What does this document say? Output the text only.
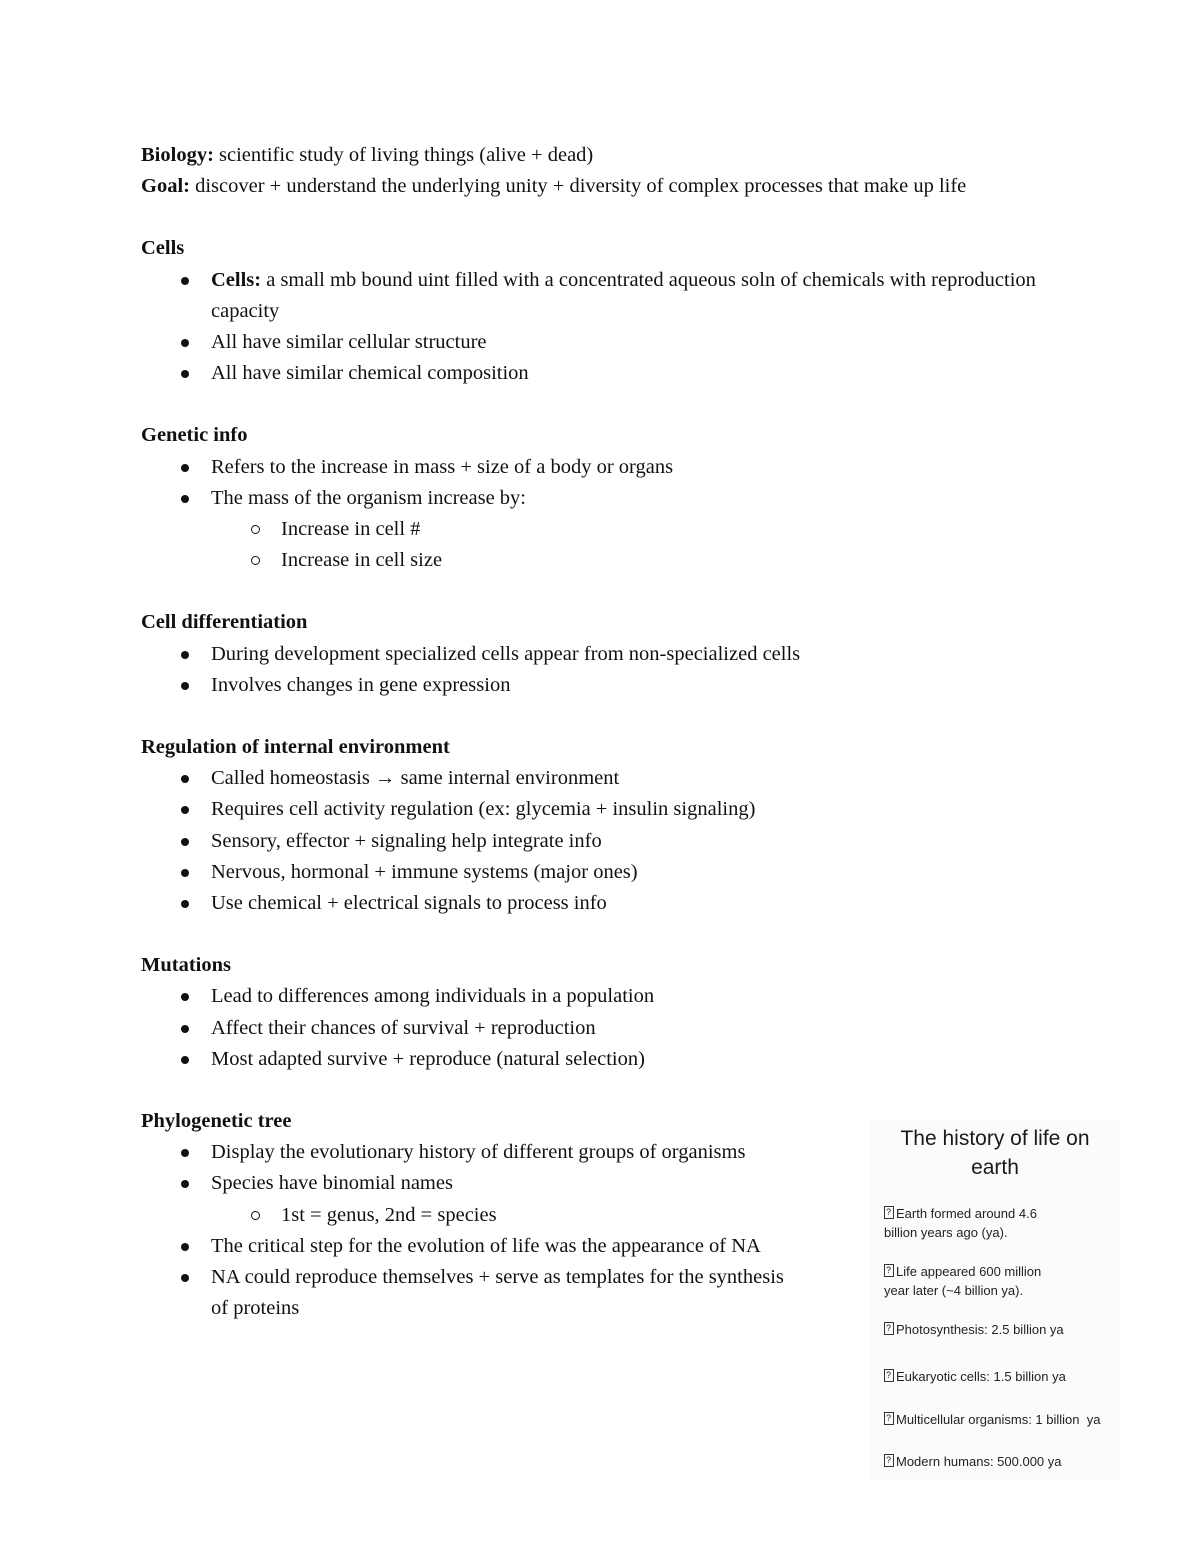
Biology: scientific study of living things (alive + dead)

Goal: discover + understand the underlying unity + diversity of complex processes that make up life

Cells

Cells: a small mb bound uint filled with a concentrated aqueous soln of chemicals with reproduction capacity
All have similar cellular structure
All have similar chemical composition

Genetic info

Refers to the increase in mass + size of a body or organs
The mass of the organism increase by:
Increase in cell #
Increase in cell size

Cell differentiation

During development specialized cells appear from non-specialized cells
Involves changes in gene expression

Regulation of internal environment

Called homeostasis → same internal environment
Requires cell activity regulation (ex: glycemia + insulin signaling)
Sensory, effector + signaling help integrate info
Nervous, hormonal + immune systems (major ones)
Use chemical + electrical signals to process info

Mutations

Lead to differences among individuals in a population
Affect their chances of survival + reproduction
Most adapted survive + reproduce (natural selection)

Phylogenetic tree

Display the evolutionary history of different groups of organisms
Species have binomial names
1st = genus, 2nd = species
The critical step for the evolution of life was the appearance of NA
NA could reproduce themselves + serve as templates for the synthesis of proteins

The history of life on earth

?Earth formed around 4.6 billion years ago (ya).
?Life appeared 600 million year later (~4 billion ya).
?Photosynthesis: 2.5 billion ya
?Eukaryotic cells: 1.5 billion ya
?Multicellular organisms: 1 billion  ya
?Modern humans: 500.000 ya
